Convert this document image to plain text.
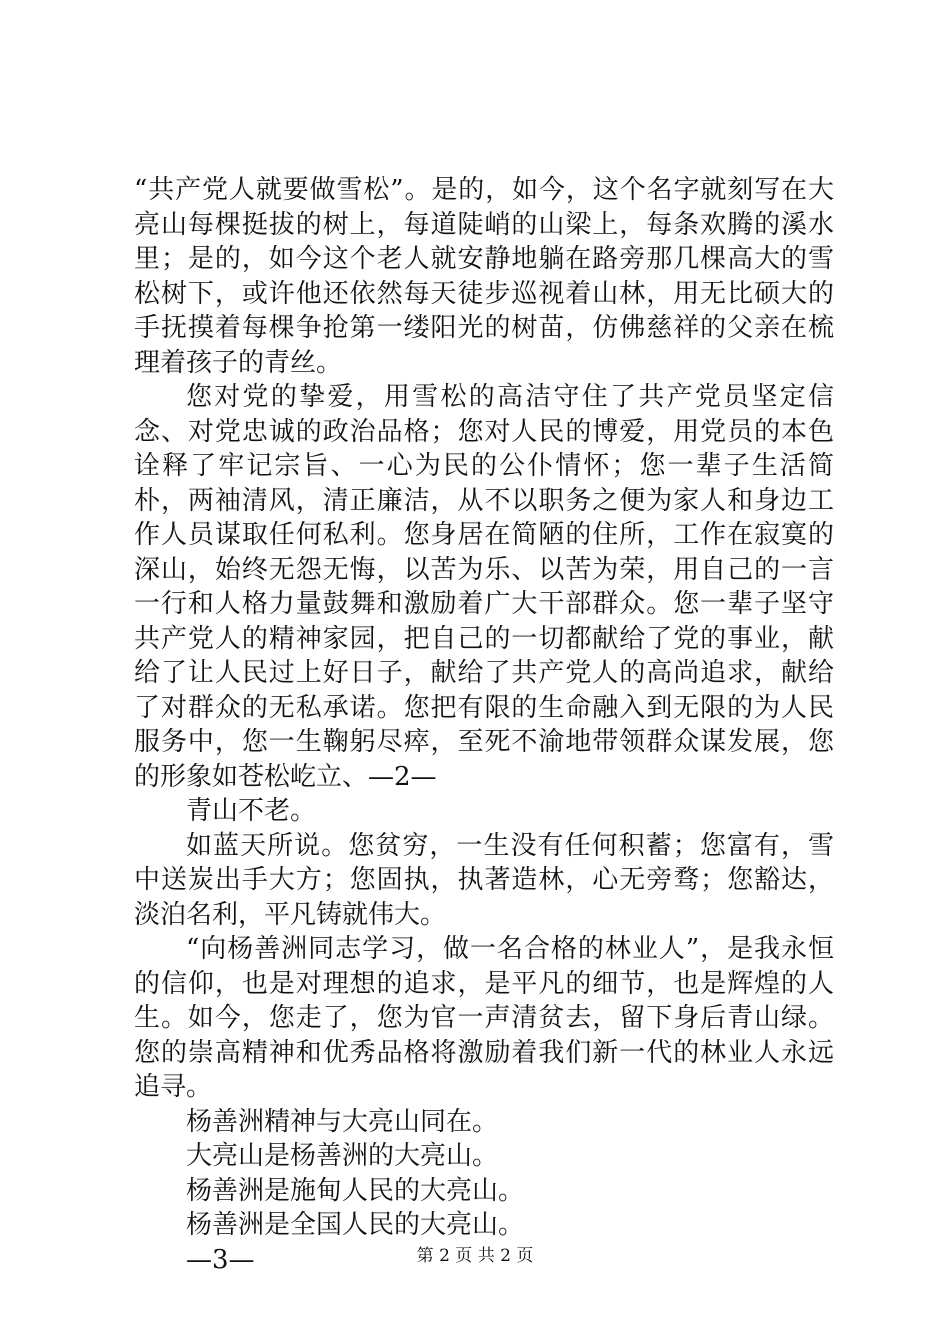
“共产党人就要做雪松”。是的，如今，这个名字就刻写在大亮山每棵挺拔的树上，每道陡峭的山梁上，每条欢腾的溪水里；是的，如今这个老人就安静地躺在路旁那几棵高大的雪松树下，或许他还依然每天徒步巡视着山林，用无比硕大的手抚摸着每棵争抢第一缕阳光的树苗，仿佛慈祥的父亲在梳理着孩子的青丝。

您对党的挚爱，用雪松的高洁守住了共产党员坚定信念、对党忠诚的政治品格；您对人民的博爱，用党员的本色诠释了牢记宗旨、一心为民的公仆情怀；您一辈子生活简朴，两袖清风，清正廉洁，从不以职务之便为家人和身边工作人员谋取任何私利。您身居在简陋的住所，工作在寂寞的深山，始终无怨无悔，以苦为乐、以苦为荣，用自己的一言一行和人格力量鼓舞和激励着广大干部群众。您一辈子坚守共产党人的精神家园，把自己的一切都献给了党的事业，献给了让人民过上好日子，献给了共产党人的高尚追求，献给了对群众的无私承诺。您把有限的生命融入到无限的为人民服务中，您一生鞠躬尽瘁，至死不渝地带领群众谋发展，您的形象如苍松屹立、—2—

青山不老。

如蓝天所说。您贫穷，一生没有任何积蓄；您富有，雪中送炭出手大方；您固执，执著造林，心无旁骛；您豁达，淡泊名利，平凡铸就伟大。

“向杨善洲同志学习，做一名合格的林业人”，是我永恒的信仰，也是对理想的追求，是平凡的细节，也是辉煌的人生。如今，您走了，您为官一声清贫去，留下身后青山绿。您的崇高精神和优秀品格将激励着我们新一代的林业人永远追寻。

杨善洲精神与大亮山同在。

大亮山是杨善洲的大亮山。

杨善洲是施甸人民的大亮山。

杨善洲是全国人民的大亮山。

—3—	第 2 页 共 2 页
